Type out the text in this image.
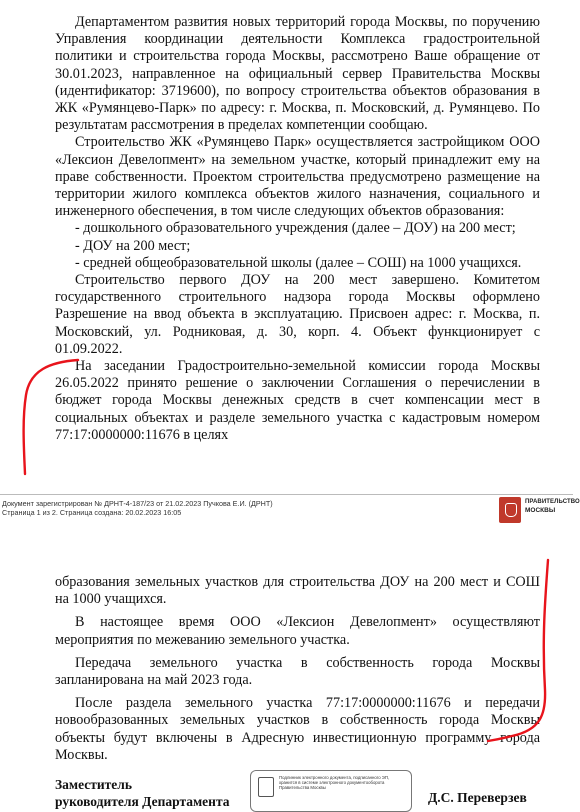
Департаментом развития новых территорий города Москвы, по поручению Управления координации деятельности Комплекса градостроительной политики и строительства города Москвы, рассмотрено Ваше обращение от 30.01.2023, направленное на официальный сервер Правительства Москвы (идентификатор: 3719600), по вопросу строительства объектов образования в ЖК «Румянцево-Парк» по адресу: г. Москва, п. Московский, д. Румянцево. По результатам рассмотрения в пределах компетенции сообщаю.

Строительство ЖК «Румянцево Парк» осуществляется застройщиком ООО «Лексион Девелопмент» на земельном участке, который принадлежит ему на праве собственности. Проектом строительства предусмотрено размещение на территории жилого комплекса объектов жилого назначения, социального и инженерного обеспечения, в том числе следующих объектов образования:

- дошкольного образовательного учреждения (далее – ДОУ) на 200 мест;

- ДОУ на 200 мест;

- средней общеобразовательной школы (далее – СОШ) на 1000 учащихся.

Строительство первого ДОУ на 200 мест завершено. Комитетом государственного строительного надзора города Москвы оформлено Разрешение на ввод объекта в эксплуатацию. Присвоен адрес: г. Москва, п. Московский, ул. Родниковая, д. 30, корп. 4. Объект функционирует с 01.09.2022.

На заседании Градостроительно-земельной комиссии города Москвы 26.05.2022 принято решение о заключении Соглашения о перечислении в бюджет города Москвы денежных средств в счет компенсации мест в социальных объектах и разделе земельного участка с кадастровым номером 77:17:0000000:11676 в целях

Документ зарегистрирован № ДРНТ-4-187/23 от 21.02.2023 Пучкова Е.И. (ДРНТ)
Страница 1 из 2. Страница создана: 20.02.2023 16:05
ПРАВИТЕЛЬСТВО
МОСКВЫ

образования земельных участков для строительства ДОУ на 200 мест и СОШ на 1000 учащихся.

В настоящее время ООО «Лексион Девелопмент» осуществляют мероприятия по межеванию земельного участка.

Передача земельного участка в собственность города Москвы запланирована на май 2023 года.

После раздела земельного участка 77:17:0000000:11676 и передачи новообразованных земельных участков в собственность города Москвы объекты будут включены в Адресную инвестиционную программу города Москвы.

Заместитель
руководителя Департамента
Подлинник электронного документа, подписанного ЭП, хранится в системе электронного документооборота Правительства Москвы
Д.С. Переверзев
